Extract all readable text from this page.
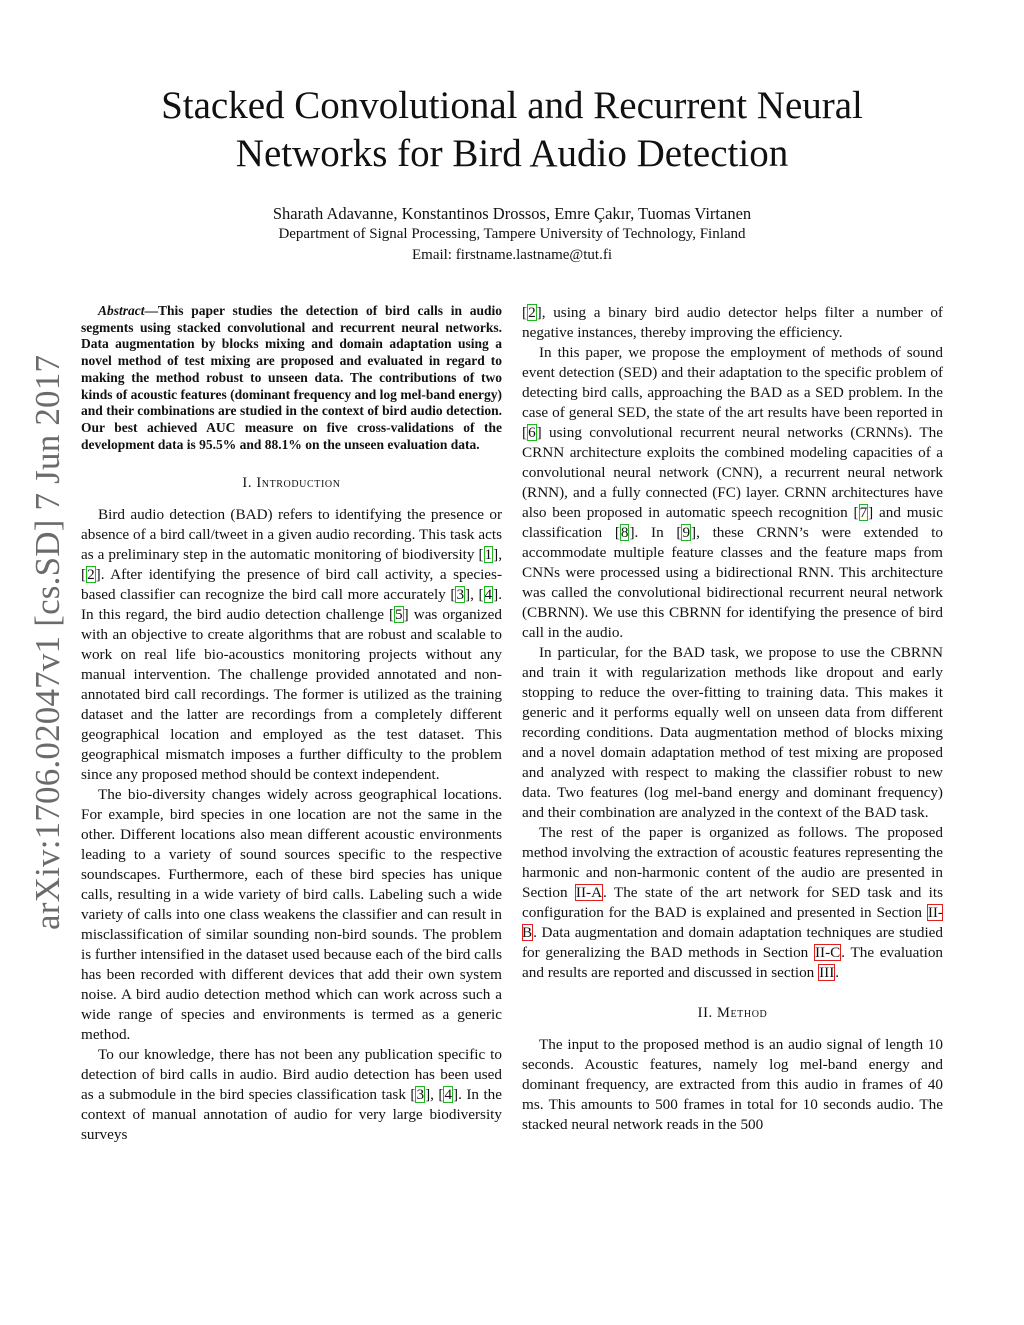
arXiv:1706.02047v1 [cs.SD] 7 Jun 2017
Stacked Convolutional and Recurrent Neural
Networks for Bird Audio Detection
Sharath Adavanne, Konstantinos Drossos, Emre Çakır, Tuomas Virtanen
Department of Signal Processing, Tampere University of Technology, Finland
Email: firstname.lastname@tut.fi

Abstract—This paper studies the detection of bird calls in audio segments using stacked convolutional and recurrent neural networks. Data augmentation by blocks mixing and domain adaptation using a novel method of test mixing are proposed and evaluated in regard to making the method robust to unseen data. The contributions of two kinds of acoustic features (dominant frequency and log mel-band energy) and their combinations are studied in the context of bird audio detection. Our best achieved AUC measure on five cross-validations of the development data is 95.5% and 88.1% on the unseen evaluation data.

I. Introduction

Bird audio detection (BAD) refers to identifying the presence or absence of a bird call/tweet in a given audio recording. This task acts as a preliminary step in the automatic monitoring of biodiversity [1], [2]. After identifying the presence of bird call activity, a species-based classifier can recognize the bird call more accurately [3], [4]. In this regard, the bird audio detection challenge [5] was organized with an objective to create algorithms that are robust and scalable to work on real life bio-acoustics monitoring projects without any manual intervention. The challenge provided annotated and non-annotated bird call recordings. The former is utilized as the training dataset and the latter are recordings from a completely different geographical location and employed as the test dataset. This geographical mismatch imposes a further difficulty to the problem since any proposed method should be context independent.

The bio-diversity changes widely across geographical locations. For example, bird species in one location are not the same in the other. Different locations also mean different acoustic environments leading to a variety of sound sources specific to the respective soundscapes. Furthermore, each of these bird species has unique calls, resulting in a wide variety of bird calls. Labeling such a wide variety of calls into one class weakens the classifier and can result in misclassification of similar sounding non-bird sounds. The problem is further intensified in the dataset used because each of the bird calls has been recorded with different devices that add their own system noise. A bird audio detection method which can work across such a wide range of species and environments is termed as a generic method.

To our knowledge, there has not been any publication specific to detection of bird calls in audio. Bird audio detection has been used as a submodule in the bird species classification task [3], [4]. In the context of manual annotation of audio for very large biodiversity surveys

[2], using a binary bird audio detector helps filter a number of negative instances, thereby improving the efficiency.

In this paper, we propose the employment of methods of sound event detection (SED) and their adaptation to the specific problem of detecting bird calls, approaching the BAD as a SED problem. In the case of general SED, the state of the art results have been reported in [6] using convolutional recurrent neural networks (CRNNs). The CRNN architecture exploits the combined modeling capacities of a convolutional neural network (CNN), a recurrent neural network (RNN), and a fully connected (FC) layer. CRNN architectures have also been proposed in automatic speech recognition [7] and music classification [8]. In [9], these CRNN’s were extended to accommodate multiple feature classes and the feature maps from CNNs were processed using a bidirectional RNN. This architecture was called the convolutional bidirectional recurrent neural network (CBRNN). We use this CBRNN for identifying the presence of bird call in the audio.

In particular, for the BAD task, we propose to use the CBRNN and train it with regularization methods like dropout and early stopping to reduce the over-fitting to training data. This makes it generic and it performs equally well on unseen data from different recording conditions. Data augmentation method of blocks mixing and a novel domain adaptation method of test mixing are proposed and analyzed with respect to making the classifier robust to new data. Two features (log mel-band energy and dominant frequency) and their combination are analyzed in the context of the BAD task.

The rest of the paper is organized as follows. The proposed method involving the extraction of acoustic features representing the harmonic and non-harmonic content of the audio are presented in Section II-A. The state of the art network for SED task and its configuration for the BAD is explained and presented in Section II-B. Data augmentation and domain adaptation techniques are studied for generalizing the BAD methods in Section II-C. The evaluation and results are reported and discussed in section III.

II. Method

The input to the proposed method is an audio signal of length 10 seconds. Acoustic features, namely log mel-band energy and dominant frequency, are extracted from this audio in frames of 40 ms. This amounts to 500 frames in total for 10 seconds audio. The stacked neural network reads in the 500
